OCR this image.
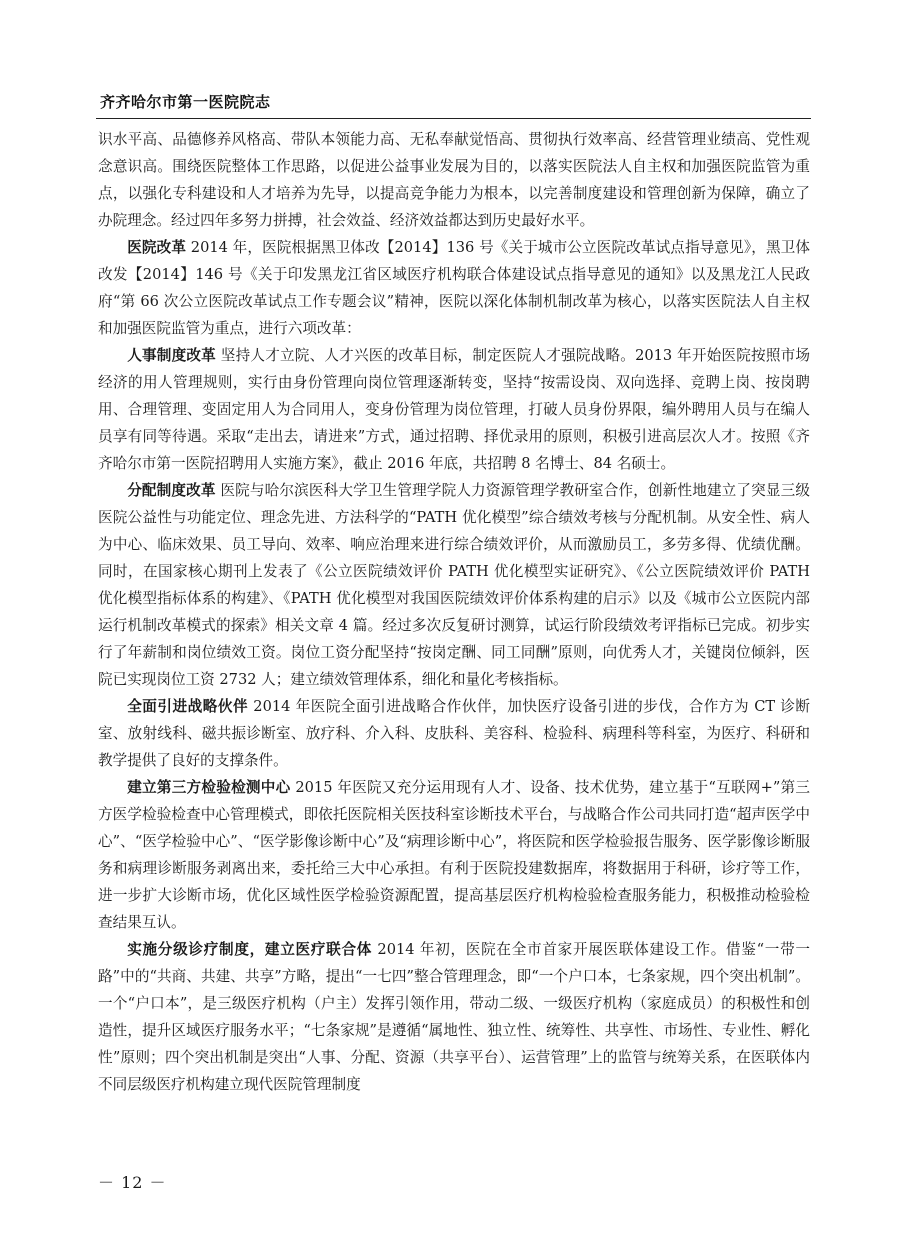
齐齐哈尔市第一医院院志

识水平高、品德修养风格高、带队本领能力高、无私奉献觉悟高、贯彻执行效率高、经营管理业绩高、党性观念意识高。围绕医院整体工作思路，以促进公益事业发展为目的，以落实医院法人自主权和加强医院监管为重点，以强化专科建设和人才培养为先导，以提高竞争能力为根本，以完善制度建设和管理创新为保障，确立了办院理念。经过四年多努力拼搏，社会效益、经济效益都达到历史最好水平。

医院改革 2014 年，医院根据黑卫体改【2014】136 号《关于城市公立医院改革试点指导意见》，黑卫体改发【2014】146 号《关于印发黑龙江省区域医疗机构联合体建设试点指导意见的通知》以及黑龙江人民政府“第 66 次公立医院改革试点工作专题会议”精神，医院以深化体制机制改革为核心，以落实医院法人自主权和加强医院监管为重点，进行六项改革：

人事制度改革 坚持人才立院、人才兴医的改革目标，制定医院人才强院战略。2013 年开始医院按照市场经济的用人管理规则，实行由身份管理向岗位管理逐渐转变，坚持“按需设岗、双向选择、竞聘上岗、按岗聘用、合理管理、变固定用人为合同用人，变身份管理为岗位管理，打破人员身份界限，编外聘用人员与在编人员享有同等待遇。采取“走出去，请进来”方式，通过招聘、择优录用的原则，积极引进高层次人才。按照《齐齐哈尔市第一医院招聘用人实施方案》，截止 2016 年底，共招聘 8 名博士、84 名硕士。

分配制度改革 医院与哈尔滨医科大学卫生管理学院人力资源管理学教研室合作，创新性地建立了突显三级医院公益性与功能定位、理念先进、方法科学的“PATH 优化模型”综合绩效考核与分配机制。从安全性、病人为中心、临床效果、员工导向、效率、响应治理来进行综合绩效评价，从而激励员工，多劳多得、优绩优酬。同时，在国家核心期刊上发表了《公立医院绩效评价 PATH 优化模型实证研究》、《公立医院绩效评价 PATH 优化模型指标体系的构建》、《PATH 优化模型对我国医院绩效评价体系构建的启示》以及《城市公立医院内部运行机制改革模式的探索》相关文章 4 篇。经过多次反复研讨测算，试运行阶段绩效考评指标已完成。初步实行了年薪制和岗位绩效工资。岗位工资分配坚持“按岗定酬、同工同酬”原则，向优秀人才，关键岗位倾斜，医院已实现岗位工资 2732 人；建立绩效管理体系，细化和量化考核指标。

全面引进战略伙伴 2014 年医院全面引进战略合作伙伴，加快医疗设备引进的步伐，合作方为 CT 诊断室、放射线科、磁共振诊断室、放疗科、介入科、皮肤科、美容科、检验科、病理科等科室，为医疗、科研和教学提供了良好的支撑条件。

建立第三方检验检测中心 2015 年医院又充分运用现有人才、设备、技术优势，建立基于“互联网+”第三方医学检验检查中心管理模式，即依托医院相关医技科室诊断技术平台，与战略合作公司共同打造“超声医学中心”、“医学检验中心”、“医学影像诊断中心”及“病理诊断中心”，将医院和医学检验报告服务、医学影像诊断服务和病理诊断服务剥离出来，委托给三大中心承担。有利于医院投建数据库，将数据用于科研，诊疗等工作，进一步扩大诊断市场，优化区域性医学检验资源配置，提高基层医疗机构检验检查服务能力，积极推动检验检查结果互认。

实施分级诊疗制度，建立医疗联合体 2014 年初，医院在全市首家开展医联体建设工作。借鉴“一带一路”中的“共商、共建、共享”方略，提出“一七四”整合管理理念，即“一个户口本，七条家规，四个突出机制”。一个“户口本”，是三级医疗机构（户主）发挥引领作用，带动二级、一级医疗机构（家庭成员）的积极性和创造性，提升区域医疗服务水平；“七条家规”是遵循“属地性、独立性、统筹性、共享性、市场性、专业性、孵化性”原则；四个突出机制是突出“人事、分配、资源（共享平台）、运营管理”上的监管与统筹关系，在医联体内不同层级医疗机构建立现代医院管理制度

－ 12 －
